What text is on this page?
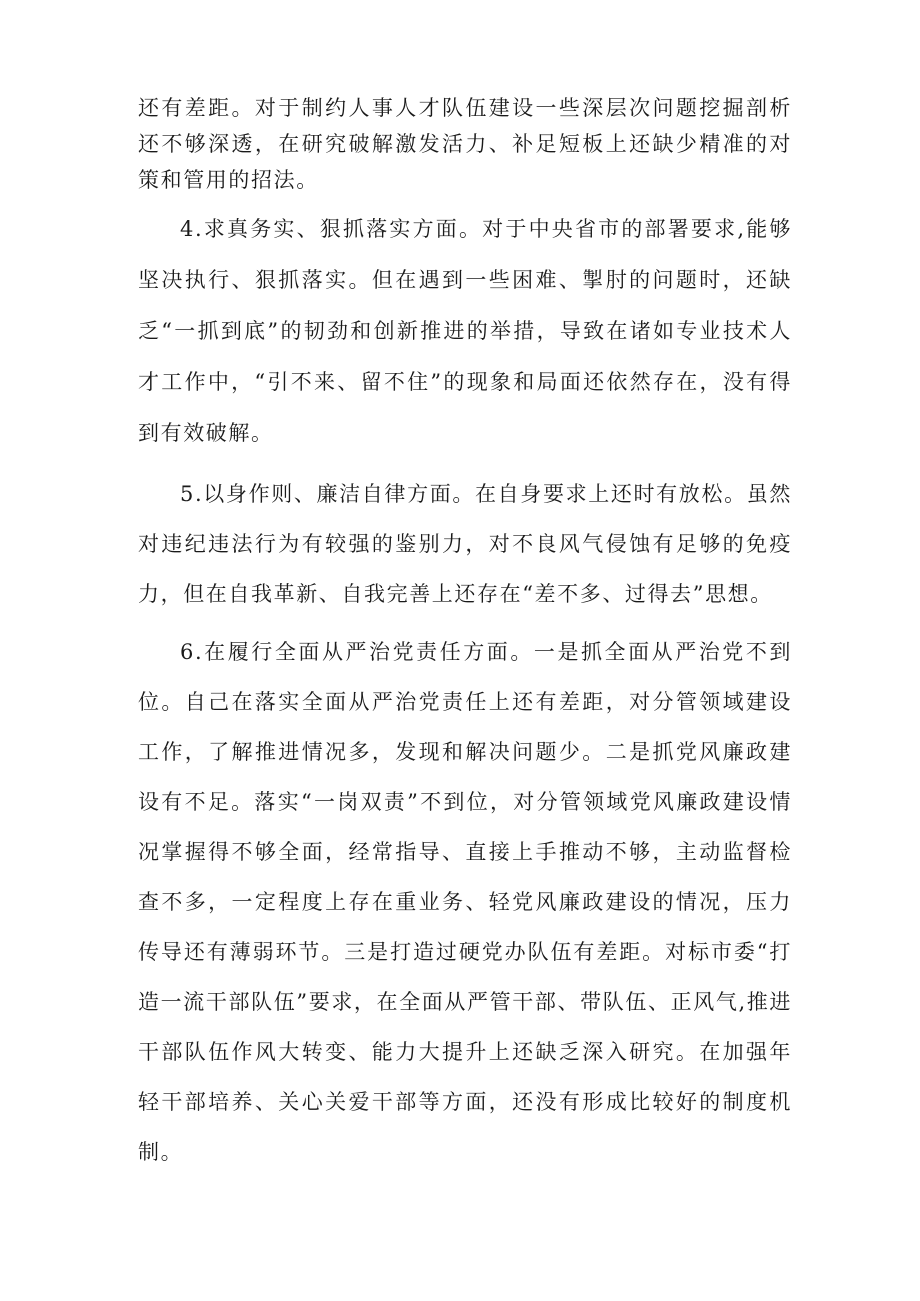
还有差距。对于制约人事人才队伍建设一些深层次问题挖掘剖析还不够深透，在研究破解激发活力、补足短板上还缺少精准的对策和管用的招法。

4.求真务实、狠抓落实方面。对于中央省市的部署要求,能够坚决执行、狠抓落实。但在遇到一些困难、掣肘的问题时，还缺乏“一抓到底”的韧劲和创新推进的举措，导致在诸如专业技术人才工作中，“引不来、留不住”的现象和局面还依然存在，没有得到有效破解。

5.以身作则、廉洁自律方面。在自身要求上还时有放松。虽然对违纪违法行为有较强的鉴别力，对不良风气侵蚀有足够的免疫力，但在自我革新、自我完善上还存在“差不多、过得去”思想。

6.在履行全面从严治党责任方面。一是抓全面从严治党不到位。自己在落实全面从严治党责任上还有差距，对分管领域建设工作，了解推进情况多，发现和解决问题少。二是抓党风廉政建设有不足。落实“一岗双责”不到位，对分管领域党风廉政建设情况掌握得不够全面，经常指导、直接上手推动不够，主动监督检查不多，一定程度上存在重业务、轻党风廉政建设的情况，压力传导还有薄弱环节。三是打造过硬党办队伍有差距。对标市委“打造一流干部队伍”要求，在全面从严管干部、带队伍、正风气,推进干部队伍作风大转变、能力大提升上还缺乏深入研究。在加强年轻干部培养、关心关爱干部等方面，还没有形成比较好的制度机制。
